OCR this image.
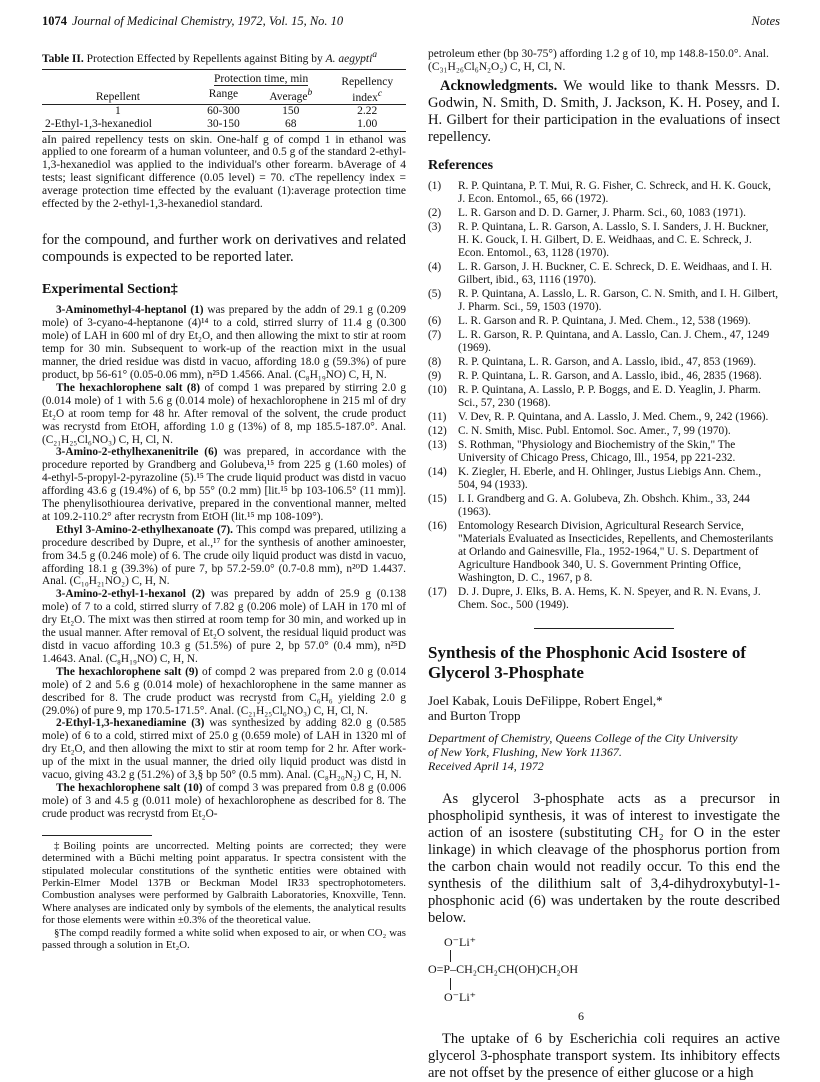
1074 Journal of Medicinal Chemistry, 1972, Vol. 15, No. 10	Notes
Table II. Protection Effected by Repellents against Biting by A. aegypti$^a$
Repellent	Protection time, min		Repellency
index$^c$
	Range	Average$^b$
1	60-300	150	2.22
2-Ethyl-1,3-hexanediol	30-150	68	1.00

aIn paired repellency tests on skin. One-half g of compd 1 in ethanol was applied to one forearm of a human volunteer, and 0.5 g of the standard 2-ethyl-1,3-hexanediol was applied to the individual's other forearm. bAverage of 4 tests; least significant difference (0.05 level) = 70. cThe repellency index = average protection time effected by the evaluant (1):average protection time effected by the 2-ethyl-1,3-hexanediol standard.

for the compound, and further work on derivatives and related compounds is expected to be reported later.

Experimental Section‡

3-Aminomethyl-4-heptanol (1) was prepared by the addn of 29.1 g (0.209 mole) of 3-cyano-4-heptanone (4)¹⁴ to a cold, stirred slurry of 11.4 g (0.300 mole) of LAH in 600 ml of dry Et₂O, and then allowing the mixt to stir at room temp for 30 min. Subsequent to work-up of the reaction mixt in the usual manner, the dried residue was distd in vacuo, affording 18.0 g (59.3%) of pure product, bp 56-61° (0.05-0.06 mm), n²⁵D 1.4566. Anal. (C₈H₁₉NO) C, H, N.

The hexachlorophene salt (8) of compd 1 was prepared by stirring 2.0 g (0.014 mole) of 1 with 5.6 g (0.014 mole) of hexachlorophene in 215 ml of dry Et₂O at room temp for 48 hr. After removal of the solvent, the crude product was recrystd from EtOH, affording 1.0 g (13%) of 8, mp 185.5-187.0°. Anal. (C₂₁H₂₅Cl₆NO₃) C, H, Cl, N.

3-Amino-2-ethylhexanenitrile (6) was prepared, in accordance with the procedure reported by Grandberg and Golubeva,¹⁵ from 225 g (1.60 moles) of 4-ethyl-5-propyl-2-pyrazoline (5).¹⁵ The crude liquid product was distd in vacuo affording 43.6 g (19.4%) of 6, bp 55° (0.2 mm) [lit.¹⁵ bp 103-106.5° (11 mm)]. The phenylisothiourea derivative, prepared in the conventional manner, melted at 109.2-110.2° after recrystn from EtOH (lit.¹⁵ mp 108-109°).

Ethyl 3-Amino-2-ethylhexanoate (7). This compd was prepared, utilizing a procedure described by Dupre, et al.,¹⁷ for the synthesis of another aminoester, from 34.5 g (0.246 mole) of 6. The crude oily liquid product was distd in vacuo, affording 18.1 g (39.3%) of pure 7, bp 57.2-59.0° (0.7-0.8 mm), n²⁰D 1.4437. Anal. (C₁₀H₂₁NO₂) C, H, N.

3-Amino-2-ethyl-1-hexanol (2) was prepared by addn of 25.9 g (0.138 mole) of 7 to a cold, stirred slurry of 7.82 g (0.206 mole) of LAH in 170 ml of dry Et₂O. The mixt was then stirred at room temp for 30 min, and worked up in the usual manner. After removal of Et₂O solvent, the residual liquid product was distd in vacuo affording 10.3 g (51.5%) of pure 2, bp 57.0° (0.4 mm), n²⁵D 1.4643. Anal. (C₈H₁₉NO) C, H, N.

The hexachlorophene salt (9) of compd 2 was prepared from 2.0 g (0.014 mole) of 2 and 5.6 g (0.014 mole) of hexachlorophene in the same manner as described for 8. The crude product was recrystd from C₆H₆ yielding 2.0 g (29.0%) of pure 9, mp 170.5-171.5°. Anal. (C₂₁H₂₅Cl₆NO₃) C, H, Cl, N.

2-Ethyl-1,3-hexanediamine (3) was synthesized by adding 82.0 g (0.585 mole) of 6 to a cold, stirred mixt of 25.0 g (0.659 mole) of LAH in 1320 ml of dry Et₂O, and then allowing the mixt to stir at room temp for 2 hr. After work-up of the mixt in the usual manner, the dried oily liquid product was distd in vacuo, giving 43.2 g (51.2%) of 3,§ bp 50° (0.5 mm). Anal. (C₈H₂₀N₂) C, H, N.

The hexachlorophene salt (10) of compd 3 was prepared from 0.8 g (0.006 mole) of 3 and 4.5 g (0.011 mole) of hexachlorophene as described for 8. The crude product was recrystd from Et₂O-

‡Boiling points are uncorrected. Melting points are corrected; they were determined with a Büchi melting point apparatus. Ir spectra consistent with the stipulated molecular constitutions of the synthetic entities were obtained with Perkin-Elmer Model 137B or Beckman Model IR33 spectrophotometers. Combustion analyses were performed by Galbraith Laboratories, Knoxville, Tenn. Where analyses are indicated only by symbols of the elements, the analytical results for those elements were within ±0.3% of the theoretical value.

§The compd readily formed a white solid when exposed to air, or when CO₂ was passed through a solution in Et₂O.

petroleum ether (bp 30-75°) affording 1.2 g of 10, mp 148.8-150.0°. Anal. (C₃₁H₂₆Cl₆N₂O₂) C, H, Cl, N.

Acknowledgments. We would like to thank Messrs. D. Godwin, N. Smith, D. Smith, J. Jackson, K. H. Posey, and I. H. Gilbert for their participation in the evaluations of insect repellency.

References
(1)	R. P. Quintana, P. T. Mui, R. G. Fisher, C. Schreck, and H. K. Gouck, J. Econ. Entomol., 65, 66 (1972).
(2)	L. R. Garson and D. D. Garner, J. Pharm. Sci., 60, 1083 (1971).
(3)	R. P. Quintana, L. R. Garson, A. Lasslo, S. I. Sanders, J. H. Buckner, H. K. Gouck, I. H. Gilbert, D. E. Weidhaas, and C. E. Schreck, J. Econ. Entomol., 63, 1128 (1970).
(4)	L. R. Garson, J. H. Buckner, C. E. Schreck, D. E. Weidhaas, and I. H. Gilbert, ibid., 63, 1116 (1970).
(5)	R. P. Quintana, A. Lasslo, L. R. Garson, C. N. Smith, and I. H. Gilbert, J. Pharm. Sci., 59, 1503 (1970).
(6)	L. R. Garson and R. P. Quintana, J. Med. Chem., 12, 538 (1969).
(7)	L. R. Garson, R. P. Quintana, and A. Lasslo, Can. J. Chem., 47, 1249 (1969).
(8)	R. P. Quintana, L. R. Garson, and A. Lasslo, ibid., 47, 853 (1969).
(9)	R. P. Quintana, L. R. Garson, and A. Lasslo, ibid., 46, 2835 (1968).
(10) R. P. Quintana, A. Lasslo, P. P. Boggs, and E. D. Yeaglin, J. Pharm. Sci., 57, 230 (1968).
(11)	V. Dev, R. P. Quintana, and A. Lasslo, J. Med. Chem., 9, 242 (1966).
(12) C. N. Smith, Misc. Publ. Entomol. Soc. Amer., 7, 99 (1970).
(13) S. Rothman, "Physiology and Biochemistry of the Skin," The University of Chicago Press, Chicago, Ill., 1954, pp 221-232.
(14) K. Ziegler, H. Eberle, and H. Ohlinger, Justus Liebigs Ann. Chem., 504, 94 (1933).
(15) I. I. Grandberg and G. A. Golubeva, Zh. Obshch. Khim., 33, 244 (1963).
(16) Entomology Research Division, Agricultural Research Service, "Materials Evaluated as Insecticides, Repellents, and Chemosterilants at Orlando and Gainesville, Fla., 1952-1964," U. S. Department of Agriculture Handbook 340, U. S. Government Printing Office, Washington, D. C., 1967, p 8.
(17) D. J. Dupre, J. Elks, B. A. Hems, K. N. Speyer, and R. N. Evans, J. Chem. Soc., 500 (1949).
Synthesis of the Phosphonic Acid Isostere of Glycerol 3-Phosphate

Joel Kabak, Louis DeFilippe, Robert Engel,*
and Burton Tropp

Department of Chemistry, Queens College of the City University
of New York, Flushing, New York 11367.
Received April 14, 1972

As glycerol 3-phosphate acts as a precursor in phospholipid synthesis, it was of interest to investigate the action of an isostere (substituting CH₂ for O in the ester linkage) in which cleavage of the phosphorus portion from the carbon chain would not readily occur. To this end the synthesis of the dilithium salt of 3,4-dihydroxybutyl-1-phosphonic acid (6) was undertaken by the route described below.

O⁻Li⁺
O=P–CH₂CH₂CH(OH)CH₂OH
O⁻Li⁺
6

The uptake of 6 by Escherichia coli requires an active glycerol 3-phosphate transport system. Its inhibitory effects are not offset by the presence of either glucose or a high
